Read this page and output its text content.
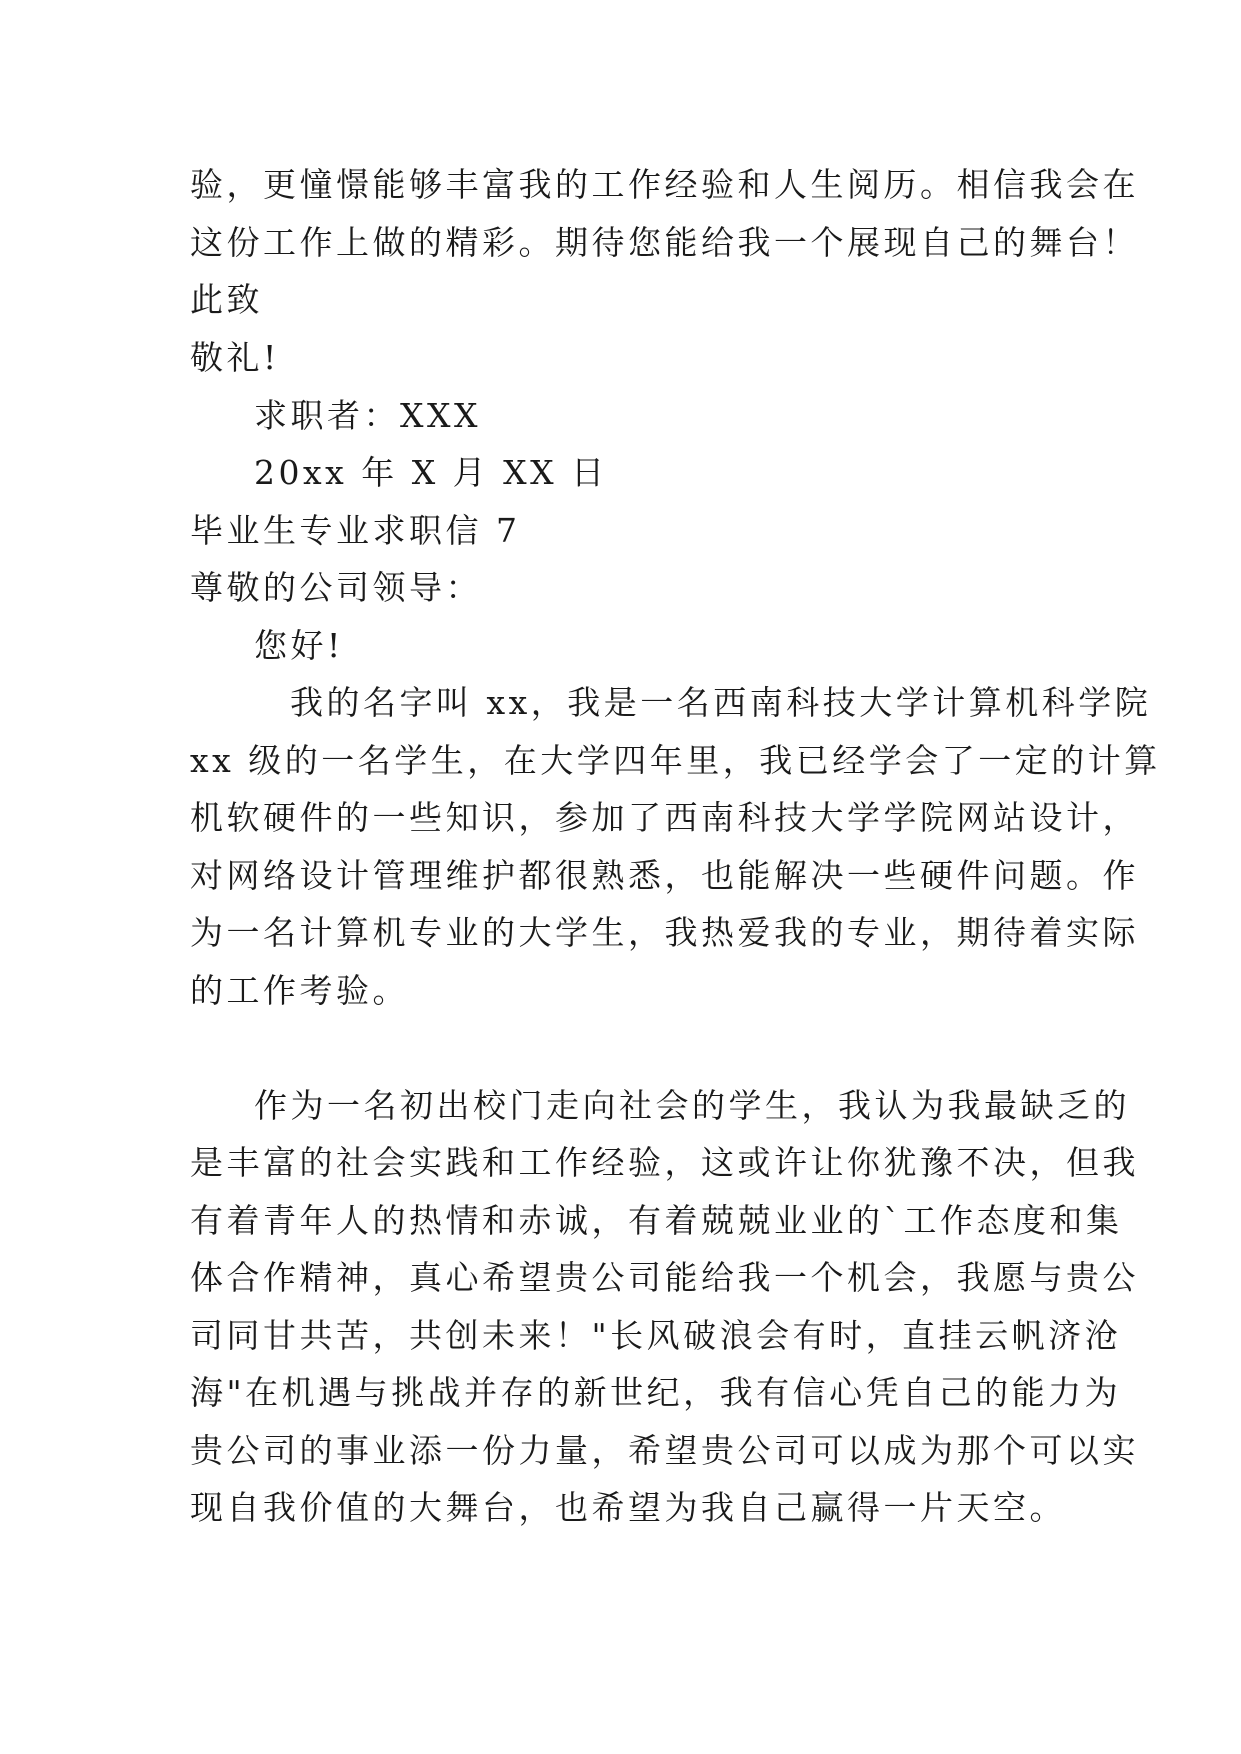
验，更憧憬能够丰富我的工作经验和人生阅历。相信我会在
这份工作上做的精彩。期待您能给我一个展现自己的舞台！
此致
敬礼!
求职者：XXX
20xx 年 X 月 XX 日
毕业生专业求职信 7
尊敬的公司领导：
您好!
我的名字叫 xx，我是一名西南科技大学计算机科学院
xx 级的一名学生，在大学四年里，我已经学会了一定的计算
机软硬件的一些知识，参加了西南科技大学学院网站设计，
对网络设计管理维护都很熟悉，也能解决一些硬件问题。作
为一名计算机专业的大学生，我热爱我的专业，期待着实际
的工作考验。
作为一名初出校门走向社会的学生，我认为我最缺乏的
是丰富的社会实践和工作经验，这或许让你犹豫不决，但我
有着青年人的热情和赤诚，有着兢兢业业的`工作态度和集
体合作精神，真心希望贵公司能给我一个机会，我愿与贵公
司同甘共苦，共创未来！"长风破浪会有时，直挂云帆济沧
海"在机遇与挑战并存的新世纪，我有信心凭自己的能力为
贵公司的事业添一份力量，希望贵公司可以成为那个可以实
现自我价值的大舞台，也希望为我自己赢得一片天空。
